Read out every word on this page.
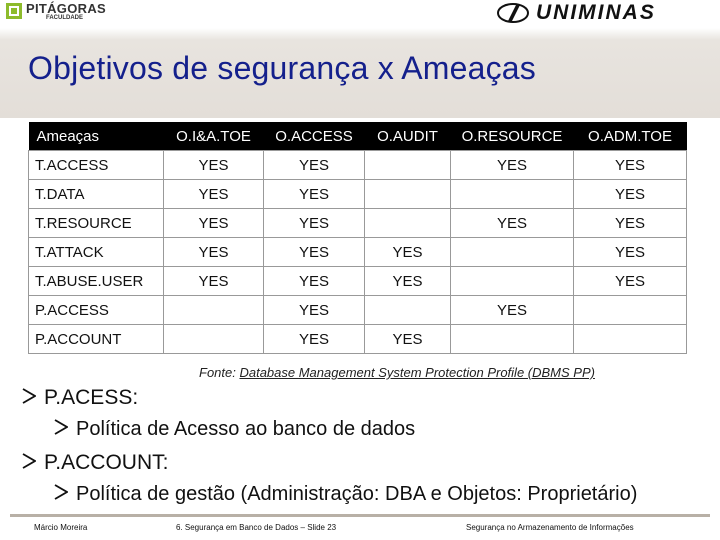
PITÁGORAS
FACULDADE	UNIMINAS
Objetivos de segurança x Ameaças
Ameaças	O.I&A.TOE	O.ACCESS	O.AUDIT	O.RESOURCE	O.ADM.TOE
T.ACCESS	YES	YES		YES	YES
T.DATA	YES	YES			YES
T.RESOURCE	YES	YES		YES	YES
T.ATTACK	YES	YES	YES		YES
T.ABUSE.USER	YES	YES	YES		YES
P.ACCESS		YES		YES	
P.ACCOUNT		YES	YES		
Fonte: Database Management System Protection Profile (DBMS PP)
P.ACESS:
Política de Acesso ao banco de dados
P.ACCOUNT:
Política de gestão (Administração: DBA e Objetos: Proprietário)
Márcio Moreira	6. Segurança em Banco de Dados – Slide 23	Segurança no Armazenamento de Informações
